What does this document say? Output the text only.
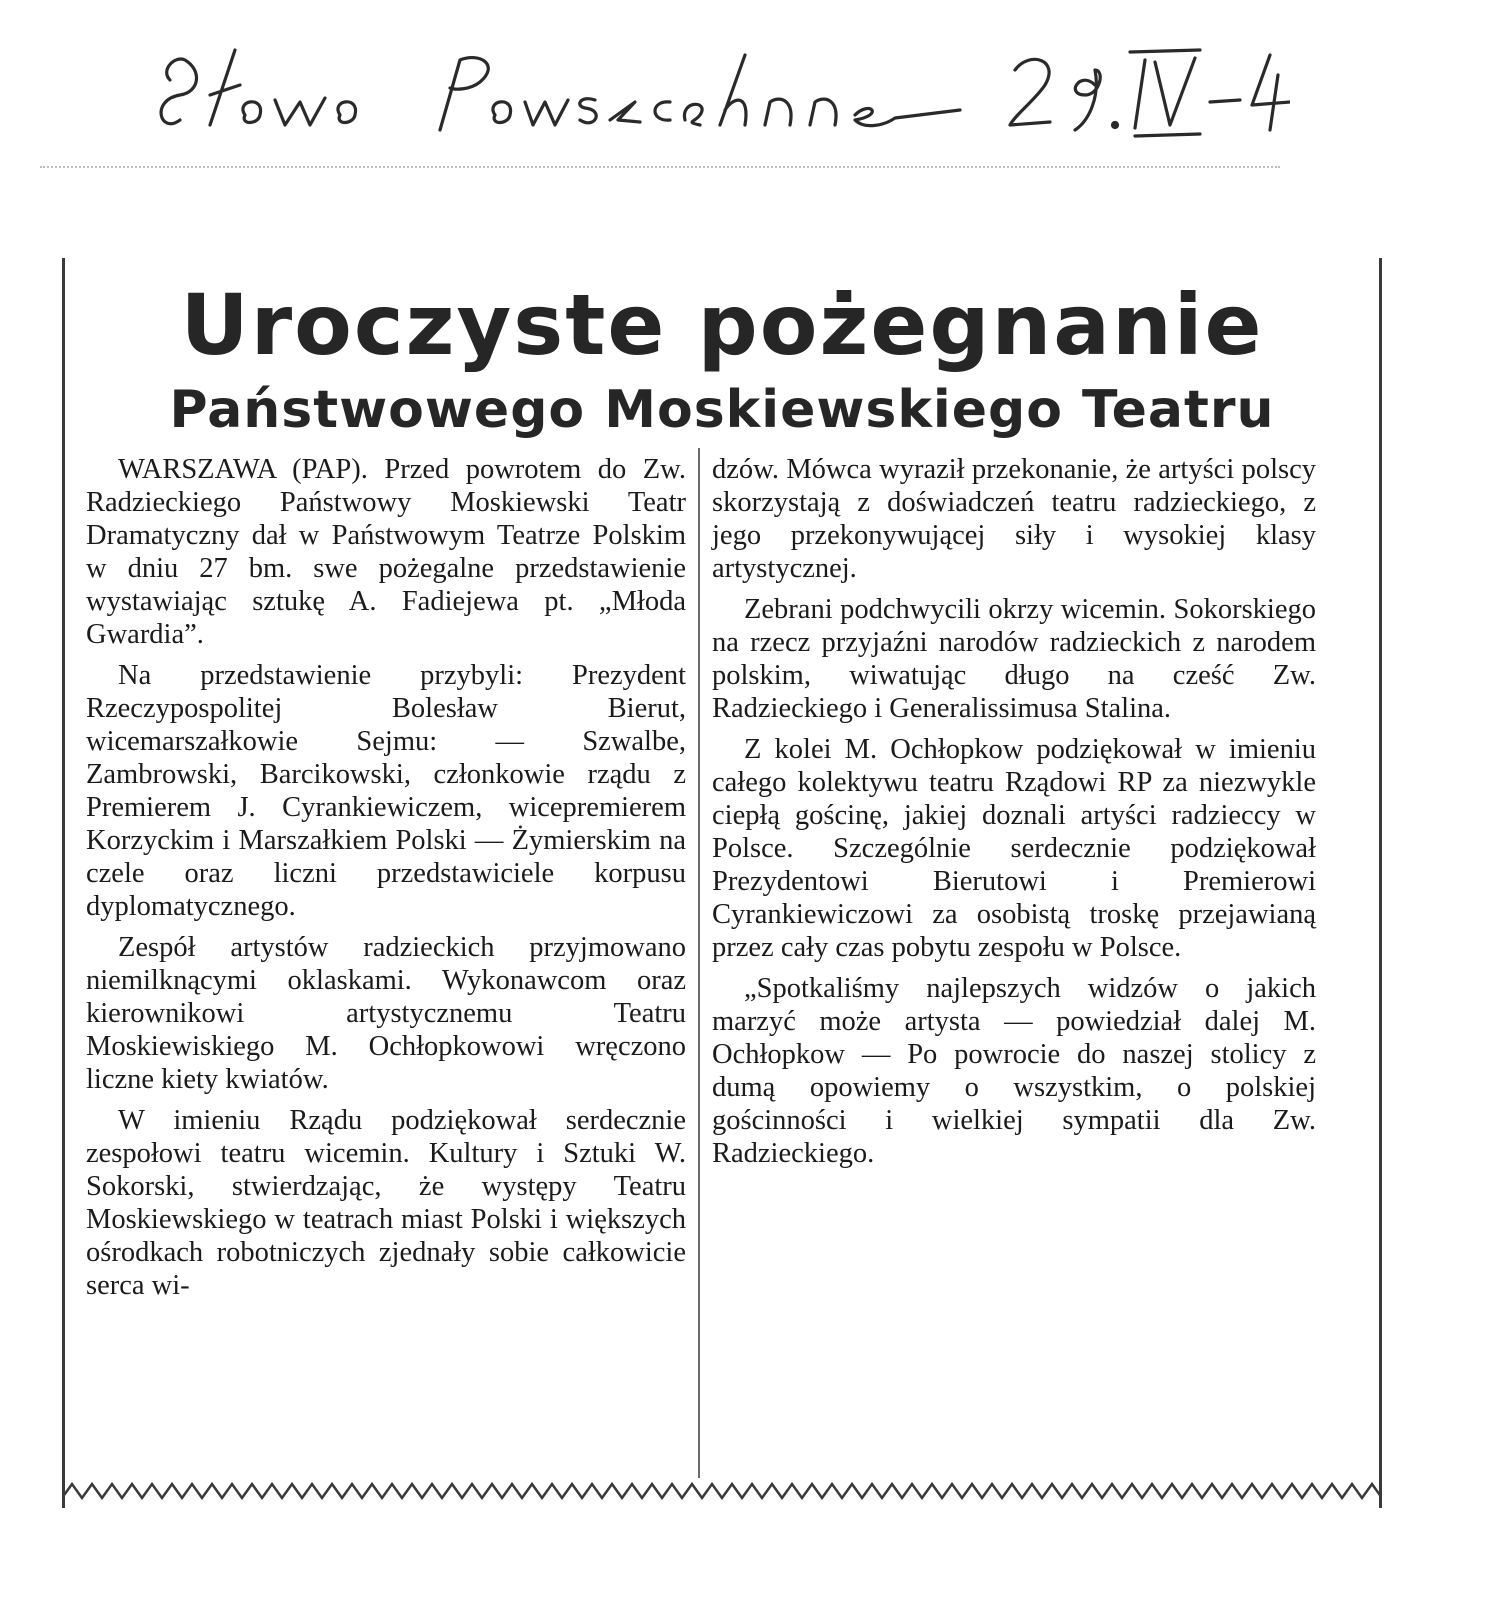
Uroczyste pożegnanie
Państwowego Moskiewskiego Teatru

WARSZAWA (PAP). Przed powrotem do Zw. Radzieckiego Państwowy Moskiewski Teatr Dramatyczny dał w Państwowym Teatrze Polskim w dniu 27 bm. swe pożegalne przedstawienie wystawiając sztukę A. Fadiejewa pt. „Młoda Gwardia”.

Na przedstawienie przybyli: Prezydent Rzeczypospolitej Bolesław Bierut, wicemarszałkowie Sejmu: — Szwalbe, Zambrowski, Barcikowski, członkowie rządu z Premierem J. Cyrankiewiczem, wicepremierem Korzyckim i Marszałkiem Polski — Żymierskim na czele oraz liczni przedstawiciele korpusu dyplomatycznego.

Zespół artystów radzieckich przyjmowano niemilknącymi oklaskami. Wykonawcom oraz kierownikowi artystycznemu Teatru Moskiewiskiego M. Ochłopkowowi wręczono liczne kiety kwiatów.

W imieniu Rządu podziękował serdecznie zespołowi teatru wicemin. Kultury i Sztuki W. Sokorski, stwierdzając, że występy Teatru Moskiewskiego w teatrach miast Polski i większych ośrodkach robotniczych zjednały sobie całkowicie serca wi-

dzów. Mówca wyraził przekonanie, że artyści polscy skorzystają z doświadczeń teatru radzieckiego, z jego przekonywującej siły i wysokiej klasy artystycznej.

Zebrani podchwycili okrzy wicemin. Sokorskiego na rzecz przyjaźni narodów radzieckich z narodem polskim, wiwatując długo na cześć Zw. Radzieckiego i Generalissimusa Stalina.

Z kolei M. Ochłopkow podziękował w imieniu całego kolektywu teatru Rządowi RP za niezwykle ciepłą gościnę, jakiej doznali artyści radzieccy w Polsce. Szczególnie serdecznie podziękował Prezydentowi Bierutowi i Premierowi Cyrankiewiczowi za osobistą troskę przejawianą przez cały czas pobytu zespołu w Polsce.

„Spotkaliśmy najlepszych widzów o jakich marzyć może artysta — powiedział dalej M. Ochłopkow — Po powrocie do naszej stolicy z dumą opowiemy o wszystkim, o polskiej gościnności i wielkiej sympatii dla Zw. Radzieckiego.
